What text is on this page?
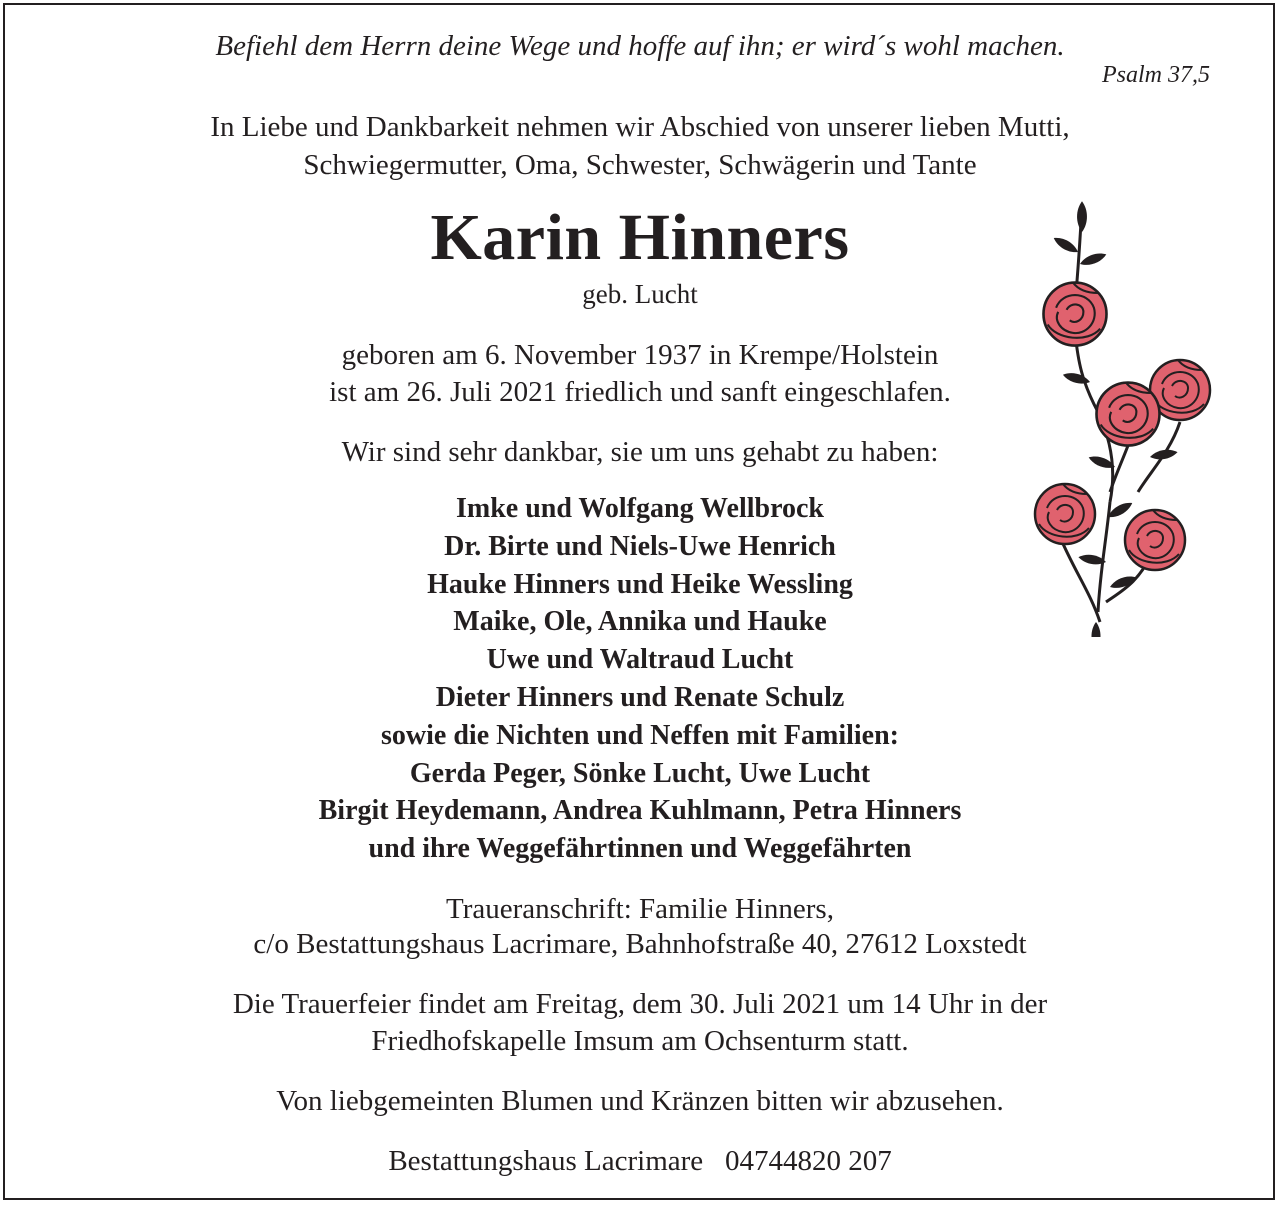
Befiehl dem Herrn deine Wege und hoffe auf ihn; er wird´s wohl machen.
Psalm 37,5
In Liebe und Dankbarkeit nehmen wir Abschied von unserer lieben Mutti,
Schwiegermutter, Oma, Schwester, Schwägerin und Tante
Karin Hinners
geb. Lucht
geboren am 6. November 1937 in Krempe/Holstein
ist am 26. Juli 2021 friedlich und sanft eingeschlafen.
Wir sind sehr dankbar, sie um uns gehabt zu haben:
Imke und Wolfgang Wellbrock
Dr. Birte und Niels-Uwe Henrich
Hauke Hinners und Heike Wessling
Maike, Ole, Annika und Hauke
Uwe und Waltraud Lucht
Dieter Hinners und Renate Schulz
sowie die Nichten und Neffen mit Familien:
Gerda Peger, Sönke Lucht, Uwe Lucht
Birgit Heydemann, Andrea Kuhlmann, Petra Hinners
und ihre Weggefährtinnen und Weggefährten
Traueranschrift: Familie Hinners,
c/o Bestattungshaus Lacrimare, Bahnhofstraße 40, 27612 Loxstedt
Die Trauerfeier findet am Freitag, dem 30. Juli 2021 um 14 Uhr in der
Friedhofskapelle Imsum am Ochsenturm statt.
Von liebgemeinten Blumen und Kränzen bitten wir abzusehen.
Bestattungshaus Lacrimare 04744820 207
